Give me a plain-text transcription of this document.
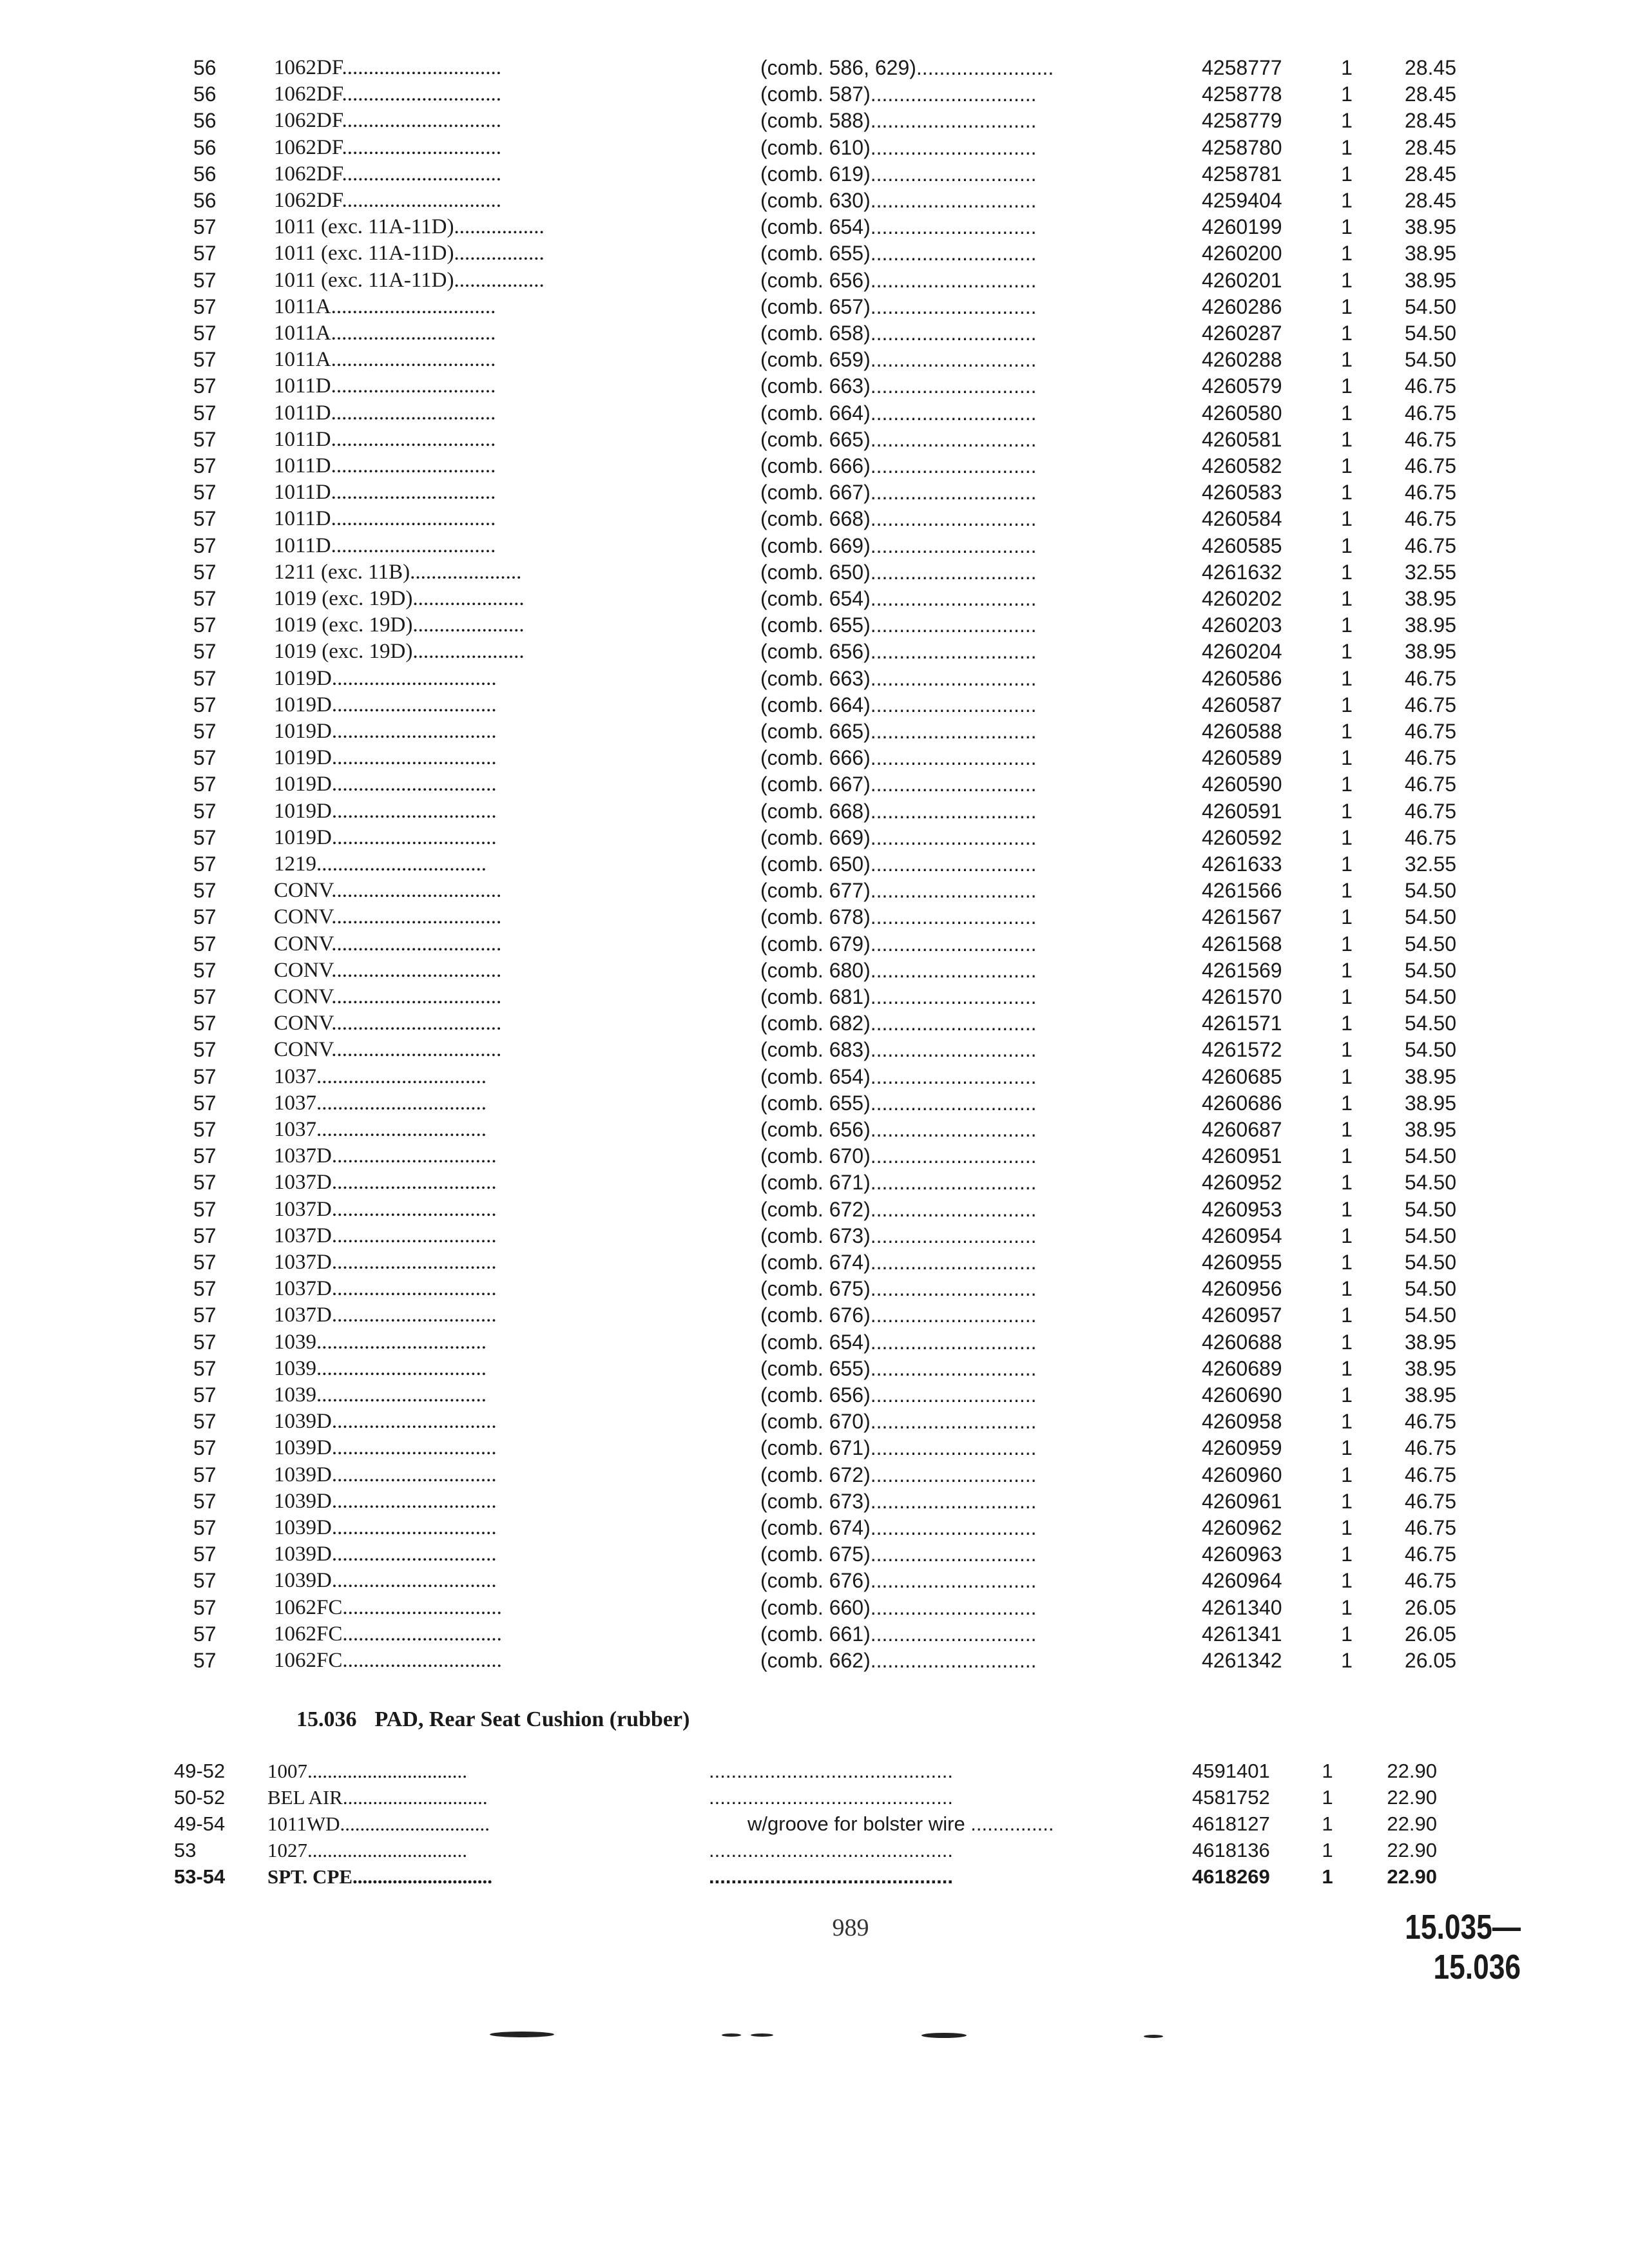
56	1062DF..............................	(comb. 586, 629)........................	4258777	1	28.45
56	1062DF..............................	(comb. 587).............................	4258778	1	28.45
56	1062DF..............................	(comb. 588).............................	4258779	1	28.45
56	1062DF..............................	(comb. 610).............................	4258780	1	28.45
56	1062DF..............................	(comb. 619).............................	4258781	1	28.45
56	1062DF..............................	(comb. 630).............................	4259404	1	28.45
57	1011 (exc. 11A-11D).................	(comb. 654).............................	4260199	1	38.95
57	1011 (exc. 11A-11D).................	(comb. 655).............................	4260200	1	38.95
57	1011 (exc. 11A-11D).................	(comb. 656).............................	4260201	1	38.95
57	1011A...............................	(comb. 657).............................	4260286	1	54.50
57	1011A...............................	(comb. 658).............................	4260287	1	54.50
57	1011A...............................	(comb. 659).............................	4260288	1	54.50
57	1011D...............................	(comb. 663).............................	4260579	1	46.75
57	1011D...............................	(comb. 664).............................	4260580	1	46.75
57	1011D...............................	(comb. 665).............................	4260581	1	46.75
57	1011D...............................	(comb. 666).............................	4260582	1	46.75
57	1011D...............................	(comb. 667).............................	4260583	1	46.75
57	1011D...............................	(comb. 668).............................	4260584	1	46.75
57	1011D...............................	(comb. 669).............................	4260585	1	46.75
57	1211 (exc. 11B).....................	(comb. 650).............................	4261632	1	32.55
57	1019 (exc. 19D).....................	(comb. 654).............................	4260202	1	38.95
57	1019 (exc. 19D).....................	(comb. 655).............................	4260203	1	38.95
57	1019 (exc. 19D).....................	(comb. 656).............................	4260204	1	38.95
57	1019D...............................	(comb. 663).............................	4260586	1	46.75
57	1019D...............................	(comb. 664).............................	4260587	1	46.75
57	1019D...............................	(comb. 665).............................	4260588	1	46.75
57	1019D...............................	(comb. 666).............................	4260589	1	46.75
57	1019D...............................	(comb. 667).............................	4260590	1	46.75
57	1019D...............................	(comb. 668).............................	4260591	1	46.75
57	1019D...............................	(comb. 669).............................	4260592	1	46.75
57	1219................................	(comb. 650).............................	4261633	1	32.55
57	CONV................................	(comb. 677).............................	4261566	1	54.50
57	CONV................................	(comb. 678).............................	4261567	1	54.50
57	CONV................................	(comb. 679).............................	4261568	1	54.50
57	CONV................................	(comb. 680).............................	4261569	1	54.50
57	CONV................................	(comb. 681).............................	4261570	1	54.50
57	CONV................................	(comb. 682).............................	4261571	1	54.50
57	CONV................................	(comb. 683).............................	4261572	1	54.50
57	1037................................	(comb. 654).............................	4260685	1	38.95
57	1037................................	(comb. 655).............................	4260686	1	38.95
57	1037................................	(comb. 656).............................	4260687	1	38.95
57	1037D...............................	(comb. 670).............................	4260951	1	54.50
57	1037D...............................	(comb. 671).............................	4260952	1	54.50
57	1037D...............................	(comb. 672).............................	4260953	1	54.50
57	1037D...............................	(comb. 673).............................	4260954	1	54.50
57	1037D...............................	(comb. 674).............................	4260955	1	54.50
57	1037D...............................	(comb. 675).............................	4260956	1	54.50
57	1037D...............................	(comb. 676).............................	4260957	1	54.50
57	1039................................	(comb. 654).............................	4260688	1	38.95
57	1039................................	(comb. 655).............................	4260689	1	38.95
57	1039................................	(comb. 656).............................	4260690	1	38.95
57	1039D...............................	(comb. 670).............................	4260958	1	46.75
57	1039D...............................	(comb. 671).............................	4260959	1	46.75
57	1039D...............................	(comb. 672).............................	4260960	1	46.75
57	1039D...............................	(comb. 673).............................	4260961	1	46.75
57	1039D...............................	(comb. 674).............................	4260962	1	46.75
57	1039D...............................	(comb. 675).............................	4260963	1	46.75
57	1039D...............................	(comb. 676).............................	4260964	1	46.75
57	1062FC..............................	(comb. 660).............................	4261340	1	26.05
57	1062FC..............................	(comb. 661).............................	4261341	1	26.05
57	1062FC..............................	(comb. 662).............................	4261342	1	26.05
15.036 PAD, Rear Seat Cushion (rubber)
49-52	1007................................	............................................	4591401	1	22.90
50-52	BEL AIR.............................	............................................	4581752	1	22.90
49-54	1011WD..............................	w/groove for bolster wire ...............	4618127	1	22.90
53	1027................................	............................................	4618136	1	22.90
53-54	SPT. CPE............................	............................................	4618269	1	22.90
989	15.035—15.036
